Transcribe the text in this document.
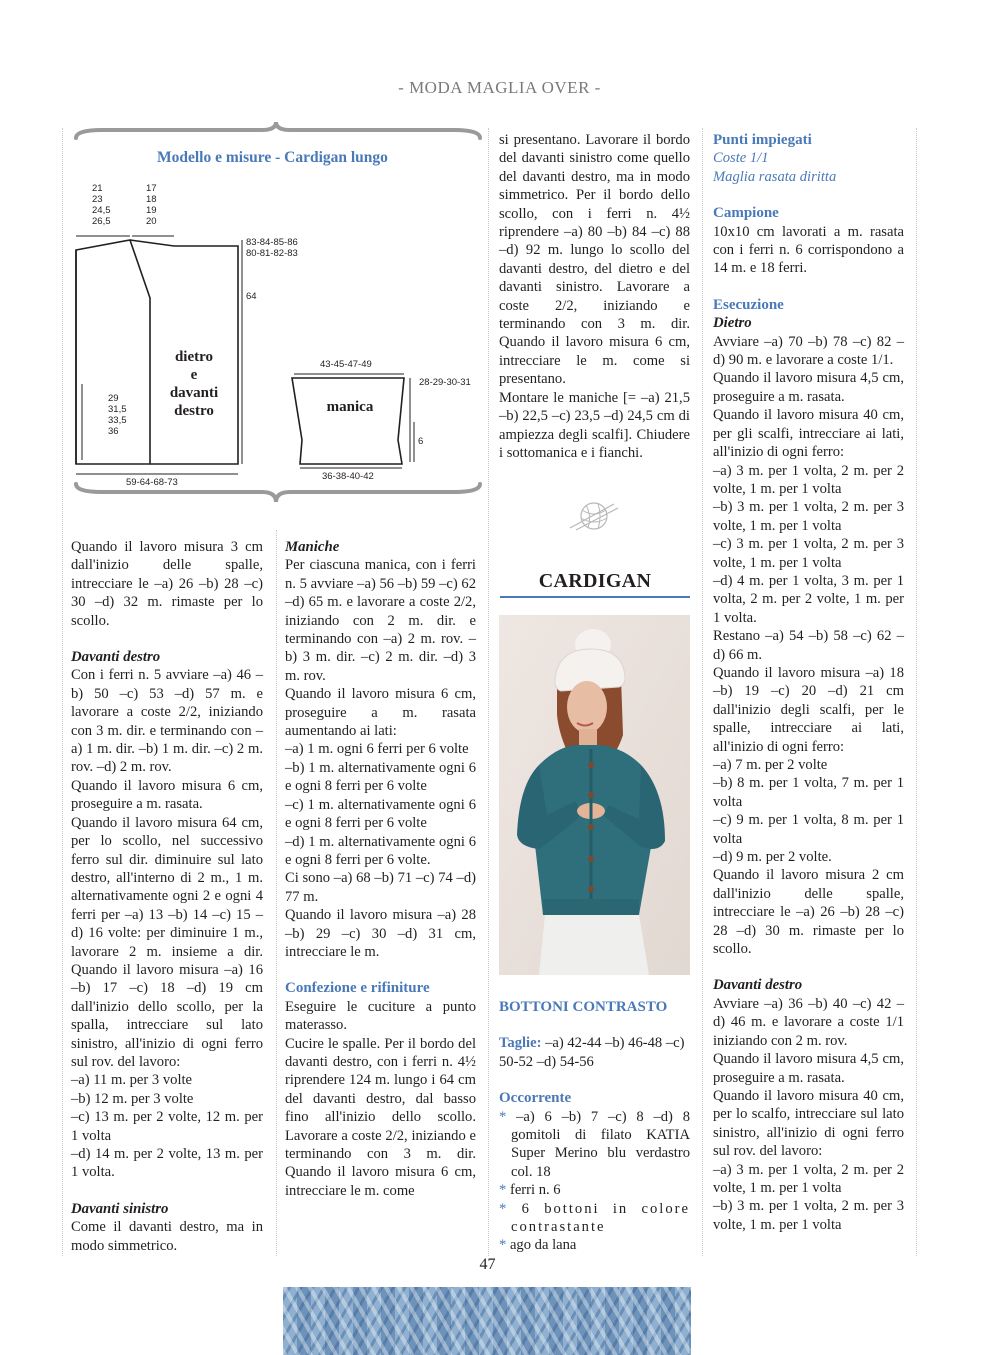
- MODA MAGLIA OVER -
Modello e misure - Cardigan lungo
21
23
24,5
26,5
17
18
19
20
83-84-85-86
80-81-82-83
64
29
31,5
33,5
36
dietro
e
davanti
destro
59-64-68-73
43-45-47-49
manica
28-29-30-31
6
36-38-40-42

Quando il lavoro misura 3 cm dall'inizio delle spalle, intrecciare le –a) 26 –b) 28 –c) 30 –d) 32 m. rimaste per lo scollo.

Davanti destro

Con i ferri n. 5 avviare –a) 46 –b) 50 –c) 53 –d) 57 m. e lavorare a coste 2/2, iniziando con 3 m. dir. e terminando con –a) 1 m. dir. –b) 1 m. dir. –c) 2 m. rov. –d) 2 m. rov.

Quando il lavoro misura 6 cm, proseguire a m. rasata.

Quando il lavoro misura 64 cm, per lo scollo, nel successivo ferro sul dir. diminuire sul lato destro, all'interno di 2 m., 1 m. alternativamente ogni 2 e ogni 4 ferri per –a) 13 –b) 14 –c) 15 –d) 16 volte: per diminuire 1 m., lavorare 2 m. insieme a dir. Quando il lavoro misura –a) 16 –b) 17 –c) 18 –d) 19 cm dall'inizio dello scollo, per la spalla, intrecciare sul lato sinistro, all'inizio di ogni ferro sul rov. del lavoro:

–a) 11 m. per 3 volte

–b) 12 m. per 3 volte

–c) 13 m. per 2 volte, 12 m. per 1 volta

–d) 14 m. per 2 volte, 13 m. per 1 volta.

Davanti sinistro

Come il davanti destro, ma in modo simmetrico.

Maniche

Per ciascuna manica, con i ferri n. 5 avviare –a) 56 –b) 59 –c) 62 –d) 65 m. e lavorare a coste 2/2, iniziando con 2 m. dir. e terminando con –a) 2 m. rov. –b) 3 m. dir. –c) 2 m. dir. –d) 3 m. rov.

Quando il lavoro misura 6 cm, proseguire a m. rasata aumentando ai lati:

–a) 1 m. ogni 6 ferri per 6 volte

–b) 1 m. alternativamente ogni 6 e ogni 8 ferri per 6 volte

–c) 1 m. alternativamente ogni 6 e ogni 8 ferri per 6 volte

–d) 1 m. alternativamente ogni 6 e ogni 8 ferri per 6 volte.

Ci sono –a) 68 –b) 71 –c) 74 –d) 77 m.

Quando il lavoro misura –a) 28 –b) 29 –c) 30 –d) 31 cm, intrecciare le m.

Confezione e rifiniture

Eseguire le cuciture a punto materasso.

Cucire le spalle. Per il bordo del davanti destro, con i ferri n. 4½ riprendere 124 m. lungo i 64 cm del davanti destro, dal basso fino all'inizio dello scollo. Lavorare a coste 2/2, iniziando e terminando con 3 m. dir. Quando il lavoro misura 6 cm, intrecciare le m. come

si presentano. Lavorare il bordo del davanti sinistro come quello del davanti destro, ma in modo simmetrico. Per il bordo dello scollo, con i ferri n. 4½ riprendere –a) 80 –b) 84 –c) 88 –d) 92 m. lungo lo scollo del davanti destro, del dietro e del davanti sinistro. Lavorare a coste 2/2, iniziando e terminando con 3 m. dir. Quando il lavoro misura 6 cm, intrecciare le m. come si presentano.

Montare le maniche [= –a) 21,5 –b) 22,5 –c) 23,5 –d) 24,5 cm di ampiezza degli scalfi]. Chiudere i sottomanica e i fianchi.

CARDIGAN
BOTTONI CONTRASTO

Taglie: –a) 42-44 –b) 46-48 –c) 50-52 –d) 54-56

Occorrente

* –a) 6 –b) 7 –c) 8 –d) 8 gomitoli di filato KATIA Super Merino blu verdastro col. 18

* ferri n. 6

* 6 bottoni in colore contrastante

* ago da lana

Punti impiegati

Coste 1/1

Maglia rasata diritta

Campione

10x10 cm lavorati a m. rasata con i ferri n. 6 corrispondono a 14 m. e 18 ferri.

Esecuzione
Dietro

Avviare –a) 70 –b) 78 –c) 82 –d) 90 m. e lavorare a coste 1/1.

Quando il lavoro misura 4,5 cm, proseguire a m. rasata.

Quando il lavoro misura 40 cm, per gli scalfi, intrecciare ai lati, all'inizio di ogni ferro:

–a) 3 m. per 1 volta, 2 m. per 2 volte, 1 m. per 1 volta

–b) 3 m. per 1 volta, 2 m. per 3 volte, 1 m. per 1 volta

–c) 3 m. per 1 volta, 2 m. per 3 volte, 1 m. per 1 volta

–d) 4 m. per 1 volta, 3 m. per 1 volta, 2 m. per 2 volte, 1 m. per 1 volta.

Restano –a) 54 –b) 58 –c) 62 –d) 66 m.

Quando il lavoro misura –a) 18 –b) 19 –c) 20 –d) 21 cm dall'inizio degli scalfi, per le spalle, intrecciare ai lati, all'inizio di ogni ferro:

–a) 7 m. per 2 volte

–b) 8 m. per 1 volta, 7 m. per 1 volta

–c) 9 m. per 1 volta, 8 m. per 1 volta

–d) 9 m. per 2 volte.

Quando il lavoro misura 2 cm dall'inizio delle spalle, intrecciare le –a) 26 –b) 28 –c) 28 –d) 30 m. rimaste per lo scollo.

Davanti destro

Avviare –a) 36 –b) 40 –c) 42 –d) 46 m. e lavorare a coste 1/1 iniziando con 2 m. rov.

Quando il lavoro misura 4,5 cm, proseguire a m. rasata.

Quando il lavoro misura 40 cm, per lo scalfo, intrecciare sul lato sinistro, all'inizio di ogni ferro sul rov. del lavoro:

–a) 3 m. per 1 volta, 2 m. per 2 volte, 1 m. per 1 volta

–b) 3 m. per 1 volta, 2 m. per 3 volte, 1 m. per 1 volta

47
